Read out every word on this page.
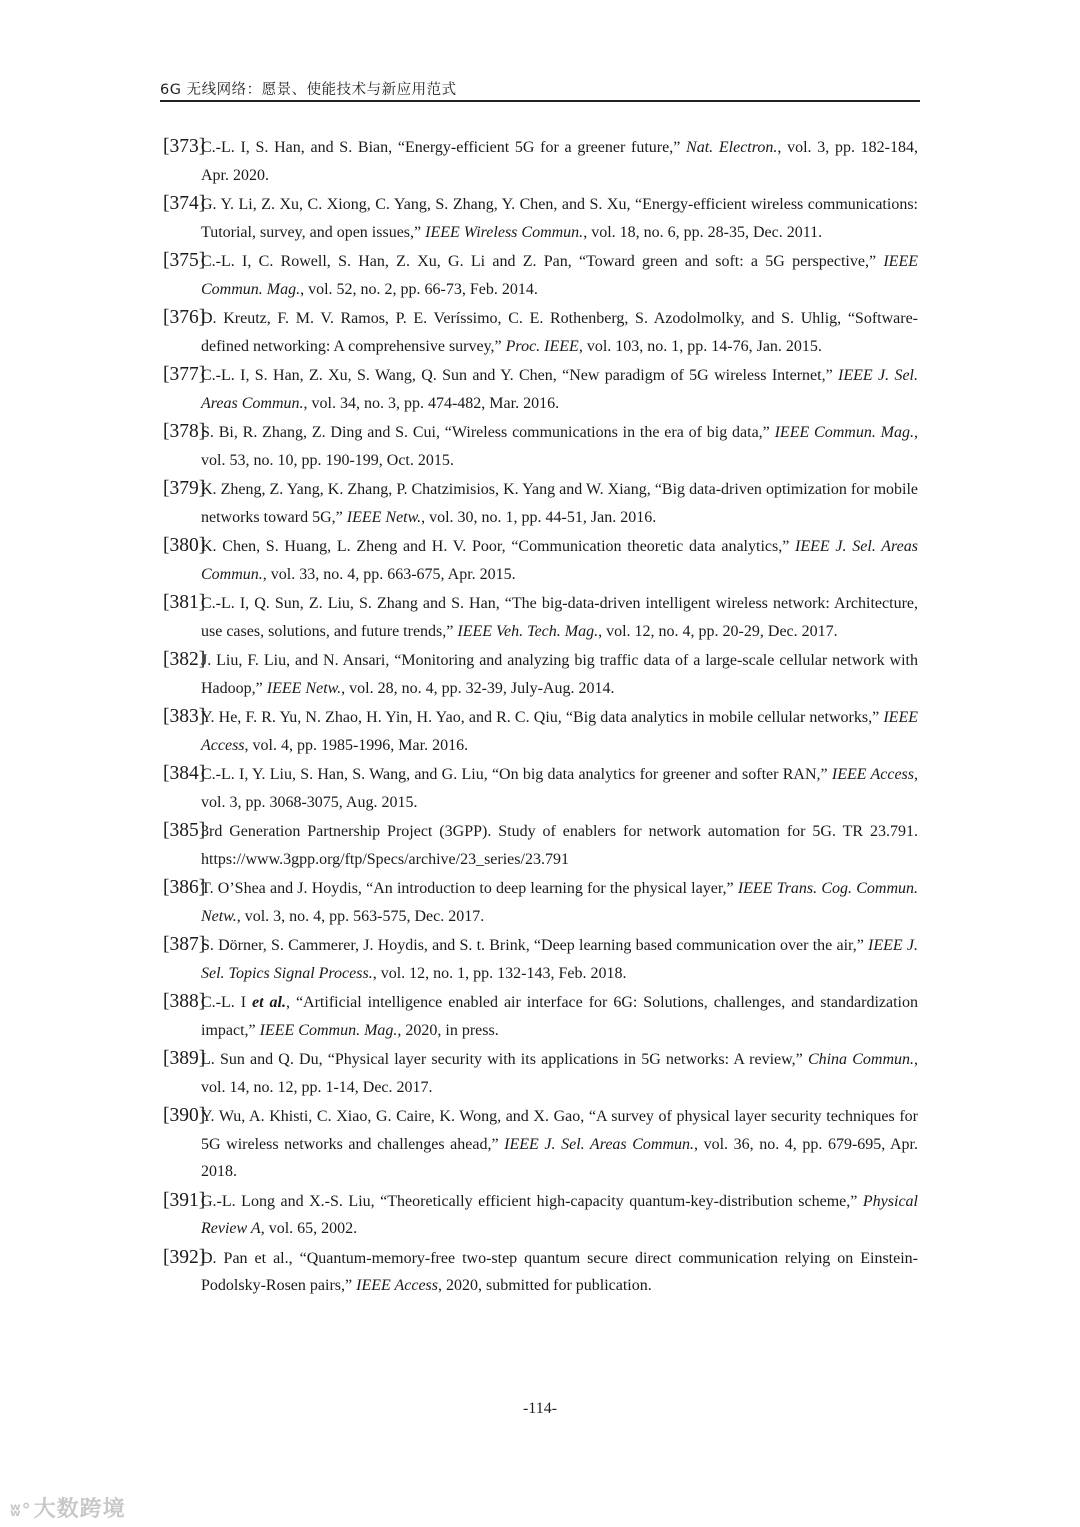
6G 无线网络：愿景、使能技术与新应用范式
[373]
C.-L. I, S. Han, and S. Bian, “Energy-efficient 5G for a greener future,” Nat. Electron., vol. 3, pp. 182-184, Apr. 2020.
[374]
G. Y. Li, Z. Xu, C. Xiong, C. Yang, S. Zhang, Y. Chen, and S. Xu, “Energy-efficient wireless communications: Tutorial, survey, and open issues,” IEEE Wireless Commun., vol. 18, no. 6, pp. 28-35, Dec. 2011.
[375]
C.-L. I, C. Rowell, S. Han, Z. Xu, G. Li and Z. Pan, “Toward green and soft: a 5G perspective,” IEEE Commun. Mag., vol. 52, no. 2, pp. 66-73, Feb. 2014.
[376]
D. Kreutz, F. M. V. Ramos, P. E. Veríssimo, C. E. Rothenberg, S. Azodolmolky, and S. Uhlig, “Software-defined networking: A comprehensive survey,” Proc. IEEE, vol. 103, no. 1, pp. 14-76, Jan. 2015.
[377]
C.-L. I, S. Han, Z. Xu, S. Wang, Q. Sun and Y. Chen, “New paradigm of 5G wireless Internet,” IEEE J. Sel. Areas Commun., vol. 34, no. 3, pp. 474-482, Mar. 2016.
[378]
S. Bi, R. Zhang, Z. Ding and S. Cui, “Wireless communications in the era of big data,” IEEE Commun. Mag., vol. 53, no. 10, pp. 190-199, Oct. 2015.
[379]
K. Zheng, Z. Yang, K. Zhang, P. Chatzimisios, K. Yang and W. Xiang, “Big data-driven optimization for mobile networks toward 5G,” IEEE Netw., vol. 30, no. 1, pp. 44-51, Jan. 2016.
[380]
K. Chen, S. Huang, L. Zheng and H. V. Poor, “Communication theoretic data analytics,” IEEE J. Sel. Areas Commun., vol. 33, no. 4, pp. 663-675, Apr. 2015.
[381]
C.-L. I, Q. Sun, Z. Liu, S. Zhang and S. Han, “The big-data-driven intelligent wireless network: Architecture, use cases, solutions, and future trends,” IEEE Veh. Tech. Mag., vol. 12, no. 4, pp. 20-29, Dec. 2017.
[382]
J. Liu, F. Liu, and N. Ansari, “Monitoring and analyzing big traffic data of a large-scale cellular network with Hadoop,” IEEE Netw., vol. 28, no. 4, pp. 32-39, July-Aug. 2014.
[383]
Y. He, F. R. Yu, N. Zhao, H. Yin, H. Yao, and R. C. Qiu, “Big data analytics in mobile cellular networks,” IEEE Access, vol. 4, pp. 1985-1996, Mar. 2016.
[384]
C.-L. I, Y. Liu, S. Han, S. Wang, and G. Liu, “On big data analytics for greener and softer RAN,” IEEE Access, vol. 3, pp. 3068-3075, Aug. 2015.
[385]
3rd Generation Partnership Project (3GPP). Study of enablers for network automation for 5G. TR 23.791. https://www.3gpp.org/ftp/Specs/archive/23_series/23.791
[386]
T. O’Shea and J. Hoydis, “An introduction to deep learning for the physical layer,” IEEE Trans. Cog. Commun. Netw., vol. 3, no. 4, pp. 563-575, Dec. 2017.
[387]
S. Dörner, S. Cammerer, J. Hoydis, and S. t. Brink, “Deep learning based communication over the air,” IEEE J. Sel. Topics Signal Process., vol. 12, no. 1, pp. 132-143, Feb. 2018.
[388]
C.-L. I et al., “Artificial intelligence enabled air interface for 6G: Solutions, challenges, and standardization impact,” IEEE Commun. Mag., 2020, in press.
[389]
L. Sun and Q. Du, “Physical layer security with its applications in 5G networks: A review,” China Commun., vol. 14, no. 12, pp. 1-14, Dec. 2017.
[390]
Y. Wu, A. Khisti, C. Xiao, G. Caire, K. Wong, and X. Gao, “A survey of physical layer security techniques for 5G wireless networks and challenges ahead,” IEEE J. Sel. Areas Commun., vol. 36, no. 4, pp. 679-695, Apr. 2018.
[391]
G.-L. Long and X.-S. Liu, “Theoretically efficient high-capacity quantum-key-distribution scheme,” Physical Review A, vol. 65, 2002.
[392]
D. Pan et al., “Quantum-memory-free two-step quantum secure direct communication relying on Einstein-Podolsky-Rosen pairs,” IEEE Access, 2020, submitted for publication.
-114-
ʬ°大数跨境
